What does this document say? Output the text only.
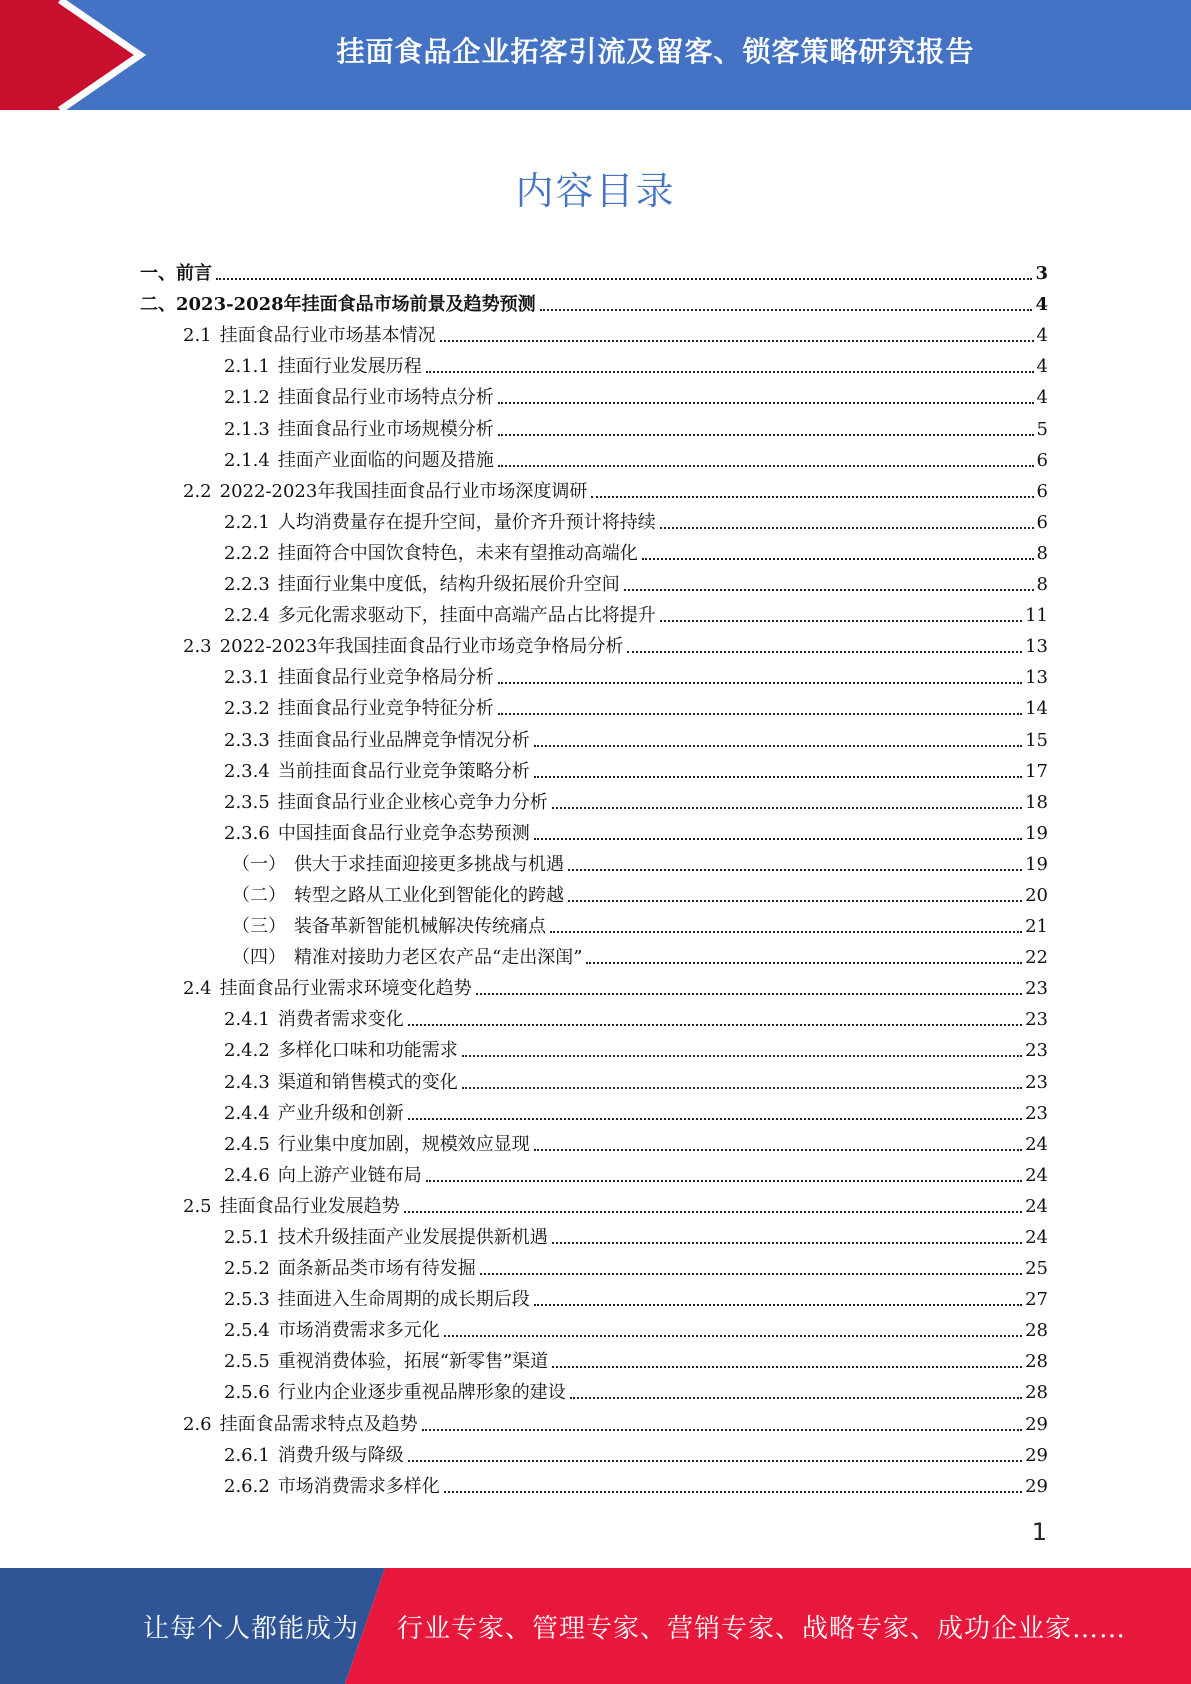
挂面食品企业拓客引流及留客、锁客策略研究报告
内容目录
一、前言	3
二、2023-2028年挂面食品市场前景及趋势预测	4
2.1 挂面食品行业市场基本情况	4
2.1.1 挂面行业发展历程	4
2.1.2 挂面食品行业市场特点分析	4
2.1.3 挂面食品行业市场规模分析	5
2.1.4 挂面产业面临的问题及措施	6
2.2 2022-2023年我国挂面食品行业市场深度调研	6
2.2.1 人均消费量存在提升空间，量价齐升预计将持续	6
2.2.2 挂面符合中国饮食特色，未来有望推动高端化	8
2.2.3 挂面行业集中度低，结构升级拓展价升空间	8
2.2.4 多元化需求驱动下，挂面中高端产品占比将提升	11
2.3 2022-2023年我国挂面食品行业市场竞争格局分析	13
2.3.1 挂面食品行业竞争格局分析	13
2.3.2 挂面食品行业竞争特征分析	14
2.3.3 挂面食品行业品牌竞争情况分析	15
2.3.4 当前挂面食品行业竞争策略分析	17
2.3.5 挂面食品行业企业核心竞争力分析	18
2.3.6 中国挂面食品行业竞争态势预测	19
（一） 供大于求挂面迎接更多挑战与机遇	19
（二） 转型之路从工业化到智能化的跨越	20
（三） 装备革新智能机械解决传统痛点	21
（四） 精准对接助力老区农产品“走出深闺”	22
2.4 挂面食品行业需求环境变化趋势	23
2.4.1 消费者需求变化	23
2.4.2 多样化口味和功能需求	23
2.4.3 渠道和销售模式的变化	23
2.4.4 产业升级和创新	23
2.4.5 行业集中度加剧，规模效应显现	24
2.4.6 向上游产业链布局	24
2.5 挂面食品行业发展趋势	24
2.5.1 技术升级挂面产业发展提供新机遇	24
2.5.2 面条新品类市场有待发掘	25
2.5.3 挂面进入生命周期的成长期后段	27
2.5.4 市场消费需求多元化	28
2.5.5 重视消费体验，拓展“新零售”渠道	28
2.5.6 行业内企业逐步重视品牌形象的建设	28
2.6 挂面食品需求特点及趋势	29
2.6.1 消费升级与降级	29
2.6.2 市场消费需求多样化	29
1
让每个人都能成为 行业专家、管理专家、营销专家、战略专家、成功企业家……
